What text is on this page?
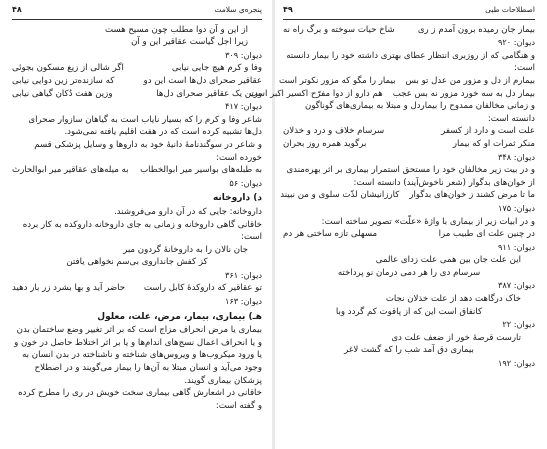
پنجره‌ی سلامت
۴۸

از این و آن دوا مطلب چون مسیح هست

زیرا اجل گیاست عقاقیر این و آن

دیوان: ۳۰۹

وفا و کرم هیچ جایی نیابی
اگر شالی از زیغ مسکون بجوئی
عقاقیر صحرای دل‌ها است این دو
که سازنده‌تر زین دوایی نیابی
وزین یک عقاقیر صحرای دل‌ها
وزین هفت دُکان گیاهی نیابی

دیوان: ۴۱۷

شاعر وفا و کرم را که بسیار نایاب است به گیاهان سازوار صحرای دل‌ها تشبیه کرده است که در هفت اقلیم یافته نمی‌شود.

و شاعر در سوگندنامهٔ دانیهٔ خود به داروها و وسایل پزشکی قسم خورده است:

به طبله‌های بواسیر میر ابوالخطاب
به میله‌های عقاقیر میر ابوالحارث

دیوان: ۵۶

د) داروخانه

داروخانه: جایی که در آن دارو می‌فروشند.

خاقانی گاهی داروخانه و زمانی به جای داروخانه داروکده به کار برده است:

جان نالان را به داروخانهٔ گردون مبر

کز کفش جانداروی بی‌سم نخواهی یافتن

دیوان: ۳۶۱

تو عقاقیر که داروکدهٔ کابل راست
حاضر آید و بها بشرد زر بار دهید

دیوان: ۱۶۳

هـ) بیماری، بیمار، مرض، علت، معلول

بیماری یا مرض انحراف مزاج است که بر اثر تغییر وضع ساختمان بدن و یا انحراف اعمال نسج‌های اندام‌ها و یا بر اثر اختلاط حاصل در خون و یا ورود میکروب‌ها و ویروس‌های شناخته و ناشناخته در بدن انسان به وجود می‌آید و انسان مبتلا به آن‌ها را بیمار می‌گویند و در اصطلاح پزشکان بیماری گویند.

خاقانی در اشعارش گاهی بیماری سخت خویش در ری را مطرح کرده و گفته است:

اصطلاحات طبی
۴۹
بیمار جان رمیده برون آمدم ز ری
شاخ حیات سوخته و برگ راه نه

دیوان: ۹۲۰

و هنگامی که از روزبری انتظار عطای بهتری داشته خود را بیمار دانسته است:

بیمارم از دل و مزور من عدل تو بس
بیمار را مگو که مزور نکوتر است
بیمار دل به سه خورد مزور نه بس عجب
هم دارو از دوا مفرّح اکسیر اکبر است

و زمانی مخالفان ممدوح را بیماردل و مبتلا به بیماری‌های گوناگون دانسته است:

علت است و دارد از کسفر
سرسام خلاف و درد و خذلان
منکر ثمرات او که بیمار
برگوید همره روز بحران

دیوان: ۳۴۸

و در بیت زیر مخالفان خود را مستحق استمرار بیماری بر اثر بهره‌مندی از خوان‌های بدگوار (شعر ناخوش‌آیند) دانسته است:

ما تا مرض کشند ز خوان‌های بدگوار
کارزانیشان لذّت سلوی و من نبیند

دیوان: ۱۷۵

و در ابیات زیر از بیماری با واژهٔ «علّت» تصویر ساخته است:

در چنین علت ای طبیب مرا
مسهلی تازه ساختی هر دم

دیوان: ۹۱۱

این علت جان بین همی علت زدای عالمی

سرسام دی را هر دمی درمان نو پرداخته

دیوان: ۳۸۷

خاک درگاهت دهد از علت خذلان نجات

کانفاق است این که از پاقوت کم گردد وبا

دیوان: ۲۲

تارست قرصهٔ خور از ضعف علت دی

بیماری دق آمد شب را که گشت لاغر

دیوان: ۱۹۲
